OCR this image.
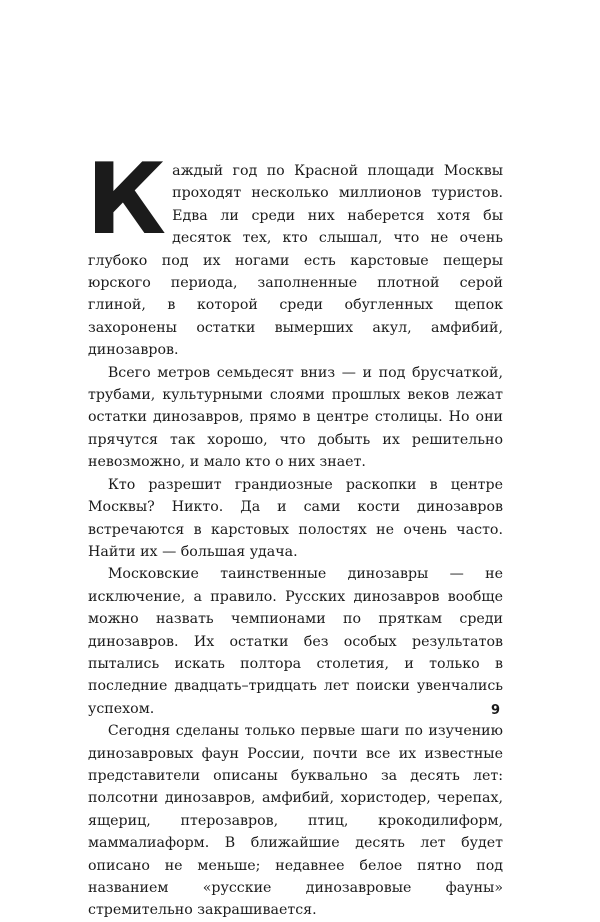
Каждый год по Красной площади Москвы проходят несколько миллионов туристов. Едва ли среди них наберется хотя бы десяток тех, кто слышал, что не очень глубоко под их ногами есть карстовые пещеры юрского периода, заполненные плотной серой глиной, в которой среди обугленных щепок захоронены остатки вымерших акул, амфибий, динозавров.

Всего метров семьдесят вниз — и под брусчаткой, трубами, культурными слоями прошлых веков лежат остатки динозавров, прямо в центре столицы. Но они прячутся так хорошо, что добыть их решительно невозможно, и мало кто о них знает.

Кто разрешит грандиозные раскопки в центре Москвы? Никто. Да и сами кости динозавров встречаются в карстовых полостях не очень часто. Найти их — большая удача.

Московские таинственные динозавры — не исключение, а правило. Русских динозавров вообще можно назвать чемпионами по пряткам среди динозавров. Их остатки без особых результатов пытались искать полтора столетия, и только в последние двадцать–тридцать лет поиски увенчались успехом.

Сегодня сделаны только первые шаги по изучению динозавровых фаун России, почти все их известные представители описаны буквально за десять лет: полсотни динозавров, амфибий, хористодер, черепах, ящериц, птерозавров, птиц, крокодилиформ, маммалиаформ. В ближайшие десять лет будет описано не меньше; недавнее белое пятно под названием «русские динозавровые фауны» стремительно закрашивается.

9
